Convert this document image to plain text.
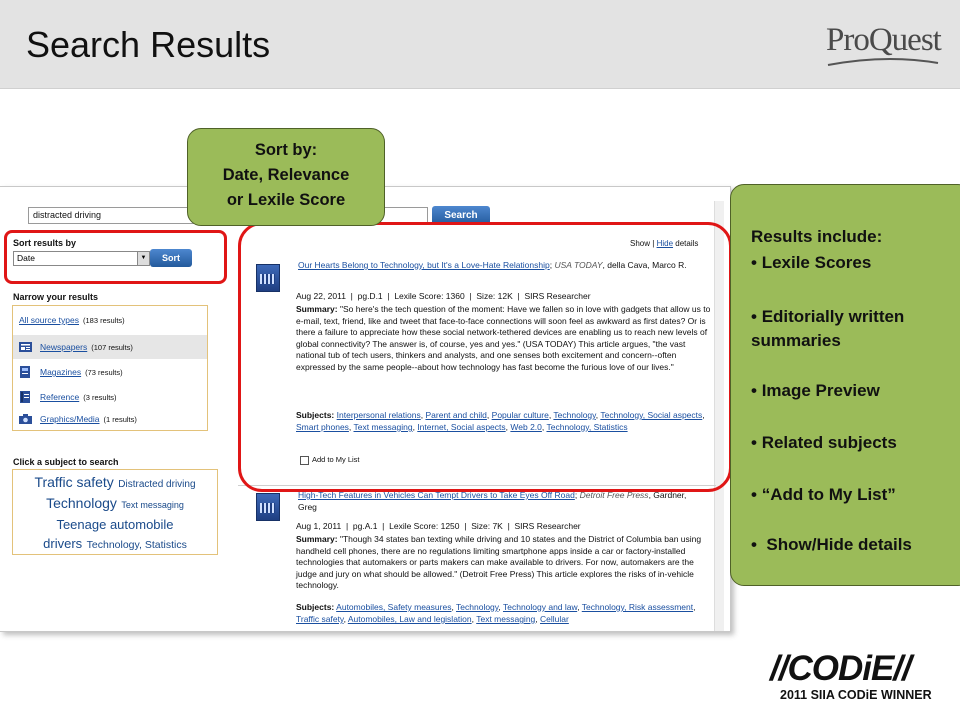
Search Results	ProQuest
distracted driving	Search
Sort results by
Date	▼	Sort
Narrow your results
All source types (183 results)
Newspapers (107 results)
Magazines (73 results)
Reference (3 results)
Graphics/Media (1 results)
Click a subject to search
Traffic safety Distracted driving
Technology Text messaging
Teenage automobile
drivers Technology, Statistics
Show | Hide details
Our Hearts Belong to Technology, but It's a Love-Hate Relationship; USA TODAY, della Cava, Marco R.
Aug 22, 2011  |  pg.D.1  |  Lexile Score: 1360  |  Size: 12K  |  SIRS Researcher
Summary: "So here's the tech question of the moment: Have we fallen so in love with gadgets that allow us to e-mail, text, friend, like and tweet that face-to-face connections will soon feel as awkward as first dates? Or is there a failure to appreciate how these social network-tethered devices are enabling us to reach new levels of global connectivity? The answer is, of course, yes and yes." (USA TODAY) This article argues, "the vast national tub of tech users, thinkers and analysts, and one senses both excitement and concern--often expressed by the same people--about how technology has fast become the furious love of our lives."
Subjects: Interpersonal relations, Parent and child, Popular culture, Technology, Technology, Social aspects, Smart phones, Text messaging, Internet, Social aspects, Web 2.0, Technology, Statistics
Add to My List
High-Tech Features in Vehicles Can Tempt Drivers to Take Eyes Off Road; Detroit Free Press, Gardner, Greg
Aug 1, 2011  |  pg.A.1  |  Lexile Score: 1250  |  Size: 7K  |  SIRS Researcher
Summary: "Though 34 states ban texting while driving and 10 states and the District of Columbia ban using handheld cell phones, there are no regulations limiting smartphone apps inside a car or factory-installed technologies that automakers or parts makers can make available to drivers. For now, automakers are the judge and jury on what should be allowed." (Detroit Free Press) This article explores the risks of in-vehicle technology.
Subjects: Automobiles, Safety measures, Technology, Technology and law, Technology, Risk assessment, Traffic safety, Automobiles, Law and legislation, Text messaging, Cellular
Sort by:
Date, Relevance
or Lexile Score
Results include:
• Lexile Scores
• Editorially written summaries
• Image Preview
• Related subjects
• “Add to My List”
•  Show/Hide details
//CODiE//
2011 SIIA CODiE WINNER
